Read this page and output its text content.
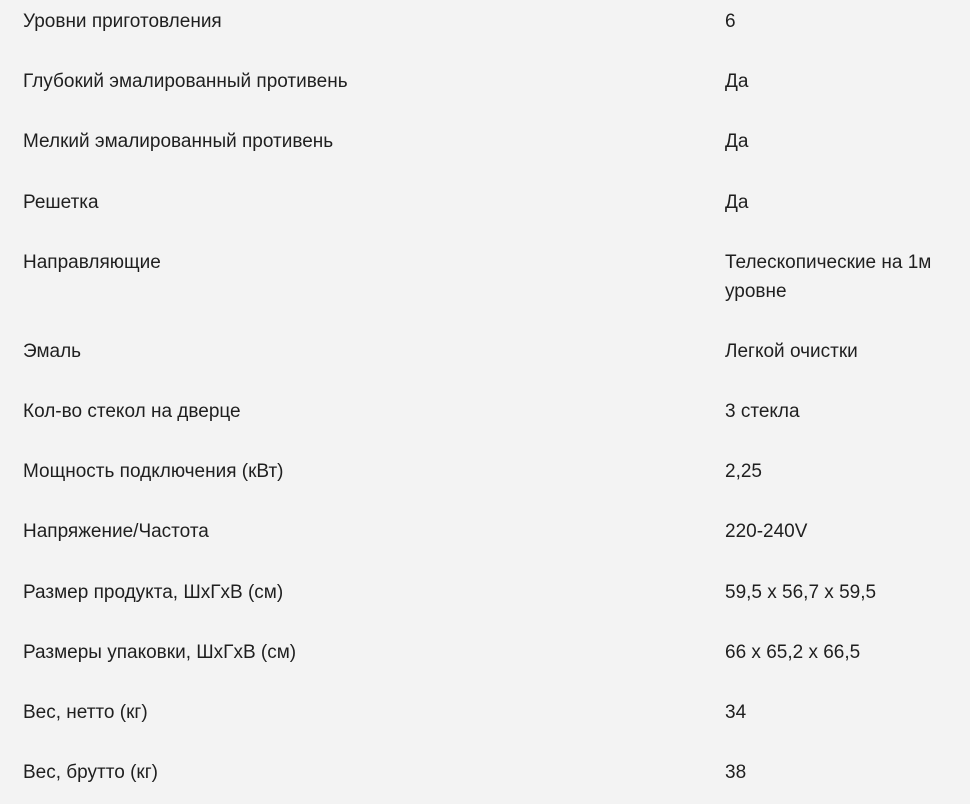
Уровни приготовления	6
Глубокий эмалированный противень	Да
Мелкий эмалированный противень	Да
Решетка	Да
Направляющие	Телескопические на 1м уровне
Эмаль	Легкой очистки
Кол-во стекол на дверце	3 стекла
Мощность подключения (кВт)	2,25
Напряжение/Частота	220-240V
Размер продукта, ШхГхВ (см)	59,5 x 56,7 x 59,5
Размеры упаковки, ШхГхВ (см)	66 x 65,2 x 66,5
Вес, нетто (кг)	34
Вес, брутто (кг)	38
